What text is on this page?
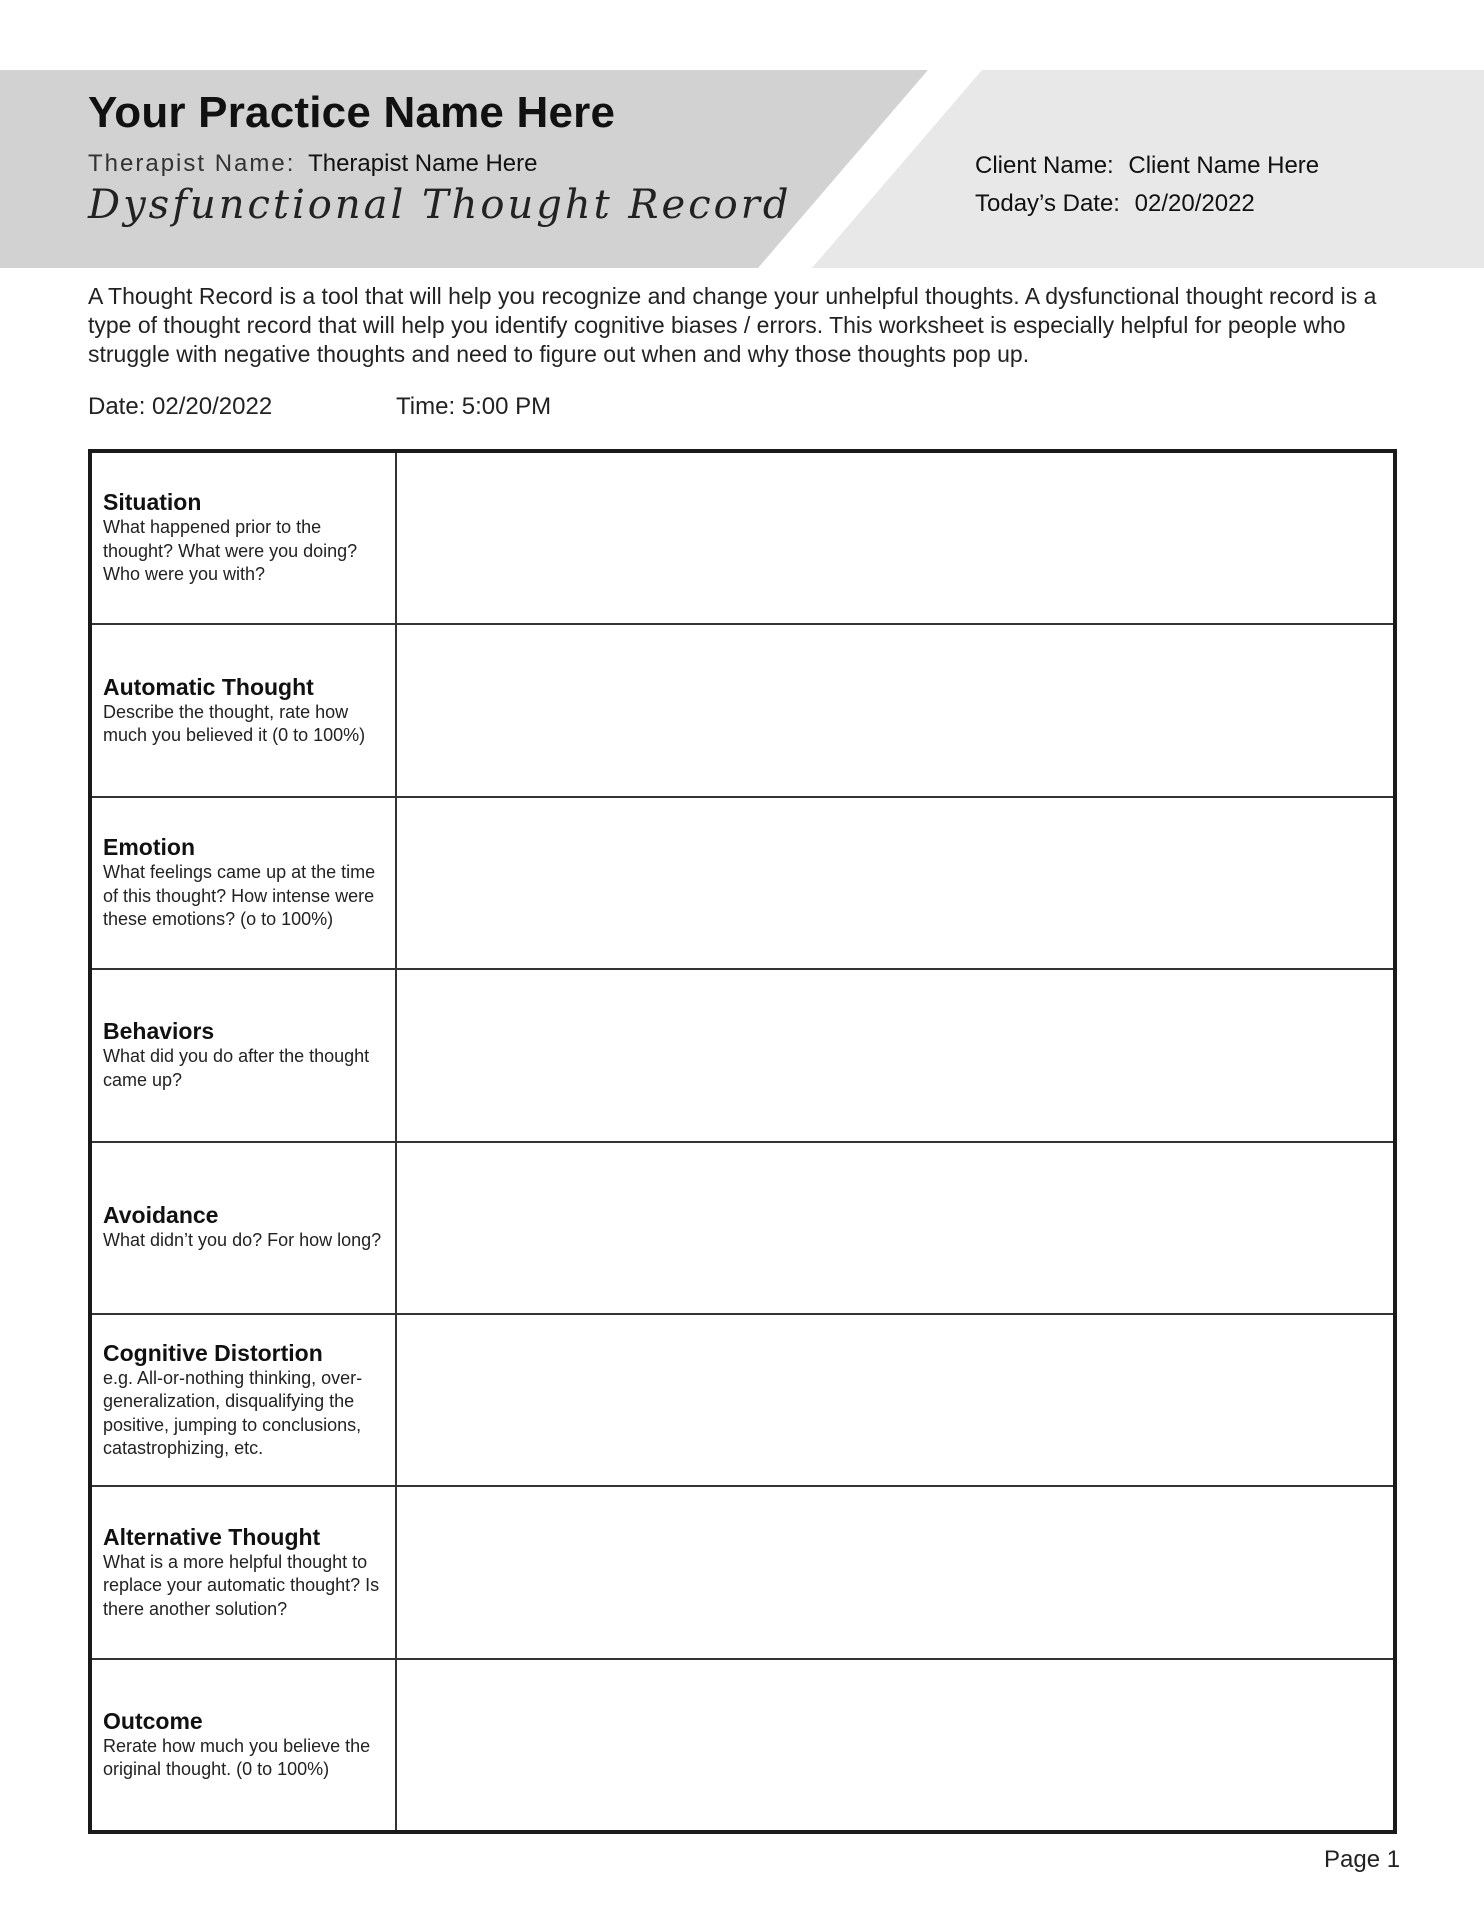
Your Practice Name Here
Therapist Name: Therapist Name Here
Dysfunctional Thought Record
Client Name: Client Name Here
Today’s Date: 02/20/2022
A Thought Record is a tool that will help you recognize and change your unhelpful thoughts. A dysfunctional thought record is a type of thought record that will help you identify cognitive biases / errors. This worksheet is especially helpful for people who struggle with negative thoughts and need to figure out when and why those thoughts pop up.
Date: 02/20/2022	Time: 5:00 PM
Situation
What happened prior to the thought? What were you doing? Who were you with?
Automatic Thought
Describe the thought, rate how much you believed it (0 to 100%)
Emotion
What feelings came up at the time of this thought? How intense were these emotions? (o to 100%)
Behaviors
What did you do after the thought came up?
Avoidance
What didn’t you do? For how long?
Cognitive Distortion
e.g. All-or-nothing thinking, over-generalization, disqualifying the positive, jumping to conclusions, catastrophizing, etc.
Alternative Thought
What is a more helpful thought to replace your automatic thought? Is there another solution?
Outcome
Rerate how much you believe the original thought. (0 to 100%)
Page 1
